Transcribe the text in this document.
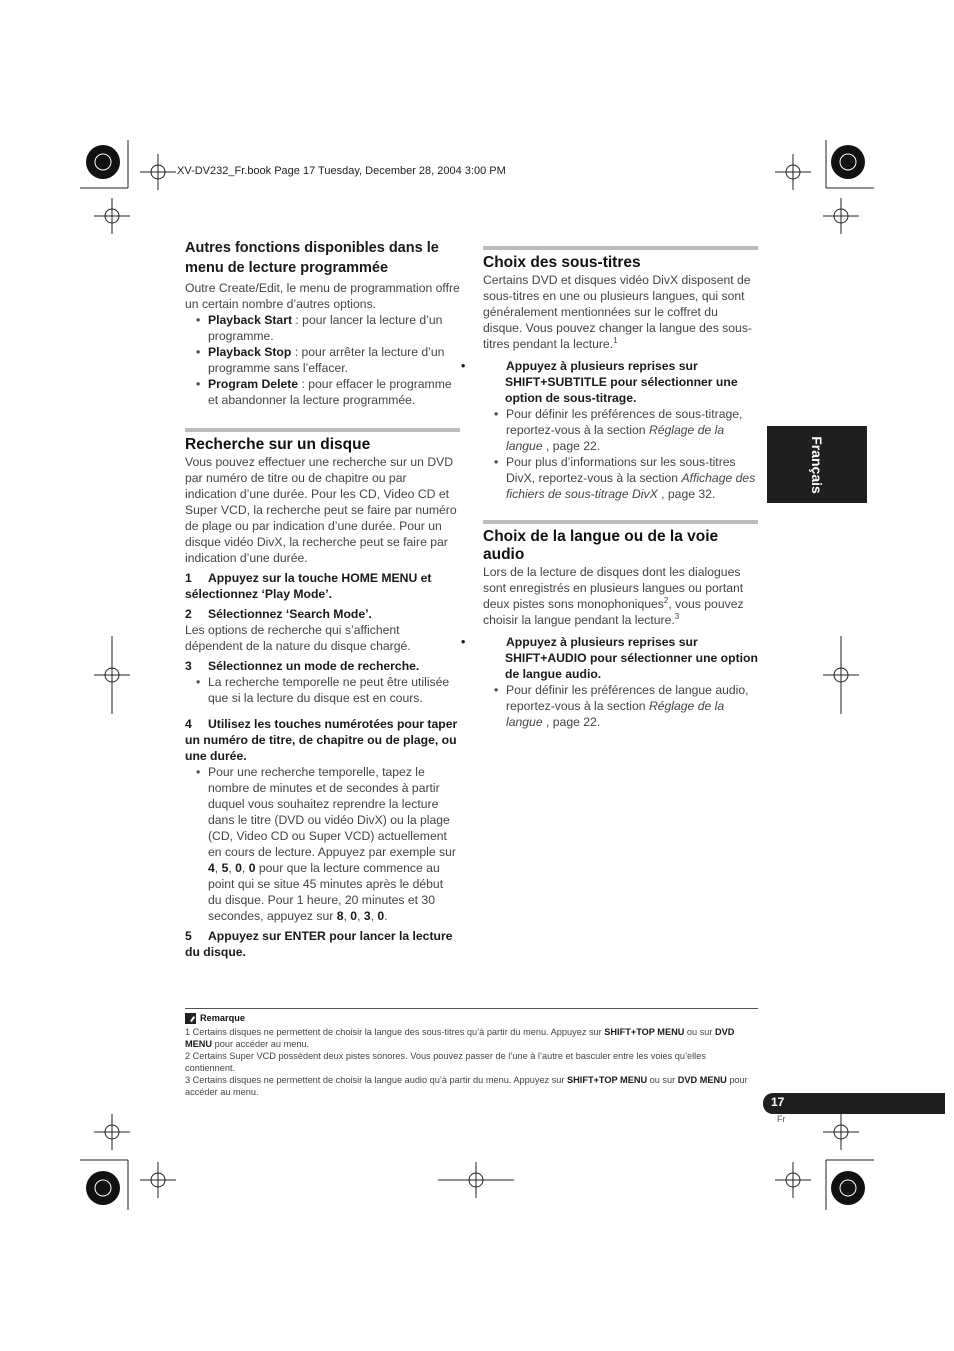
XV-DV232_Fr.book Page 17 Tuesday, December 28, 2004 3:00 PM
Autres fonctions disponibles dans le menu de lecture programmée

Outre Create/Edit, le menu de programmation offre un certain nombre d’autres options.

• Playback Start : pour lancer la lecture d’un programme.
• Playback Stop : pour arrêter la lecture d’un programme sans l’effacer.
• Program Delete : pour effacer le programme et abandonner la lecture programmée.
Recherche sur un disque

Vous pouvez effectuer une recherche sur un DVD par numéro de titre ou de chapitre ou par indication d’une durée. Pour les CD, Video CD et Super VCD, la recherche peut se faire par numéro de plage ou par indication d’une durée. Pour un disque vidéo DivX, la recherche peut se faire par indication d’une durée.

1 Appuyez sur la touche HOME MENU et sélectionnez ‘Play Mode’.
2 Sélectionnez ‘Search Mode’.

Les options de recherche qui s’affichent dépendent de la nature du disque chargé.

3 Sélectionnez un mode de recherche.
• La recherche temporelle ne peut être utilisée que si la lecture du disque est en cours.
4 Utilisez les touches numérotées pour taper un numéro de titre, de chapitre ou de plage, ou une durée.
• Pour une recherche temporelle, tapez le nombre de minutes et de secondes à partir duquel vous souhaitez reprendre la lecture dans le titre (DVD ou vidéo DivX) ou la plage (CD, Video CD ou Super VCD) actuellement en cours de lecture. Appuyez par exemple sur 4, 5, 0, 0 pour que la lecture commence au point qui se situe 45 minutes après le début du disque. Pour 1 heure, 20 minutes et 30 secondes, appuyez sur 8, 0, 3, 0.
5 Appuyez sur ENTER pour lancer la lecture du disque.
Choix des sous-titres

Certains DVD et disques vidéo DivX disposent de sous-titres en une ou plusieurs langues, qui sont généralement mentionnées sur le coffret du disque. Vous pouvez changer la langue des sous-titres pendant la lecture.$^1$

•	Appuyez à plusieurs reprises sur SHIFT+SUBTITLE pour sélectionner une option de sous-titrage.
• Pour définir les préférences de sous-titrage, reportez-vous à la section Réglage de la langue , page 22.
• Pour plus d’informations sur les sous-titres DivX, reportez-vous à la section Affichage des fichiers de sous-titrage DivX , page 32.
Choix de la langue ou de la voie audio

Lors de la lecture de disques dont les dialogues sont enregistrés en plusieurs langues ou portant deux pistes sons monophoniques$^2$, vous pouvez choisir la langue pendant la lecture.$^3$

•	Appuyez à plusieurs reprises sur SHIFT+AUDIO pour sélectionner une option de langue audio.
• Pour définir les préférences de langue audio, reportez-vous à la section Réglage de la langue , page 22.
Français
Remarque
1 Certains disques ne permettent de choisir la langue des sous-titres qu’à partir du menu. Appuyez sur SHIFT+TOP MENU ou sur DVD MENU pour accéder au menu.
2 Certains Super VCD possèdent deux pistes sonores. Vous pouvez passer de l’une à l’autre et basculer entre les voies qu’elles contiennent.
3 Certains disques ne permettent de choisir la langue audio qu’à partir du menu. Appuyez sur SHIFT+TOP MENU ou sur DVD MENU pour accéder au menu.
17
Fr
